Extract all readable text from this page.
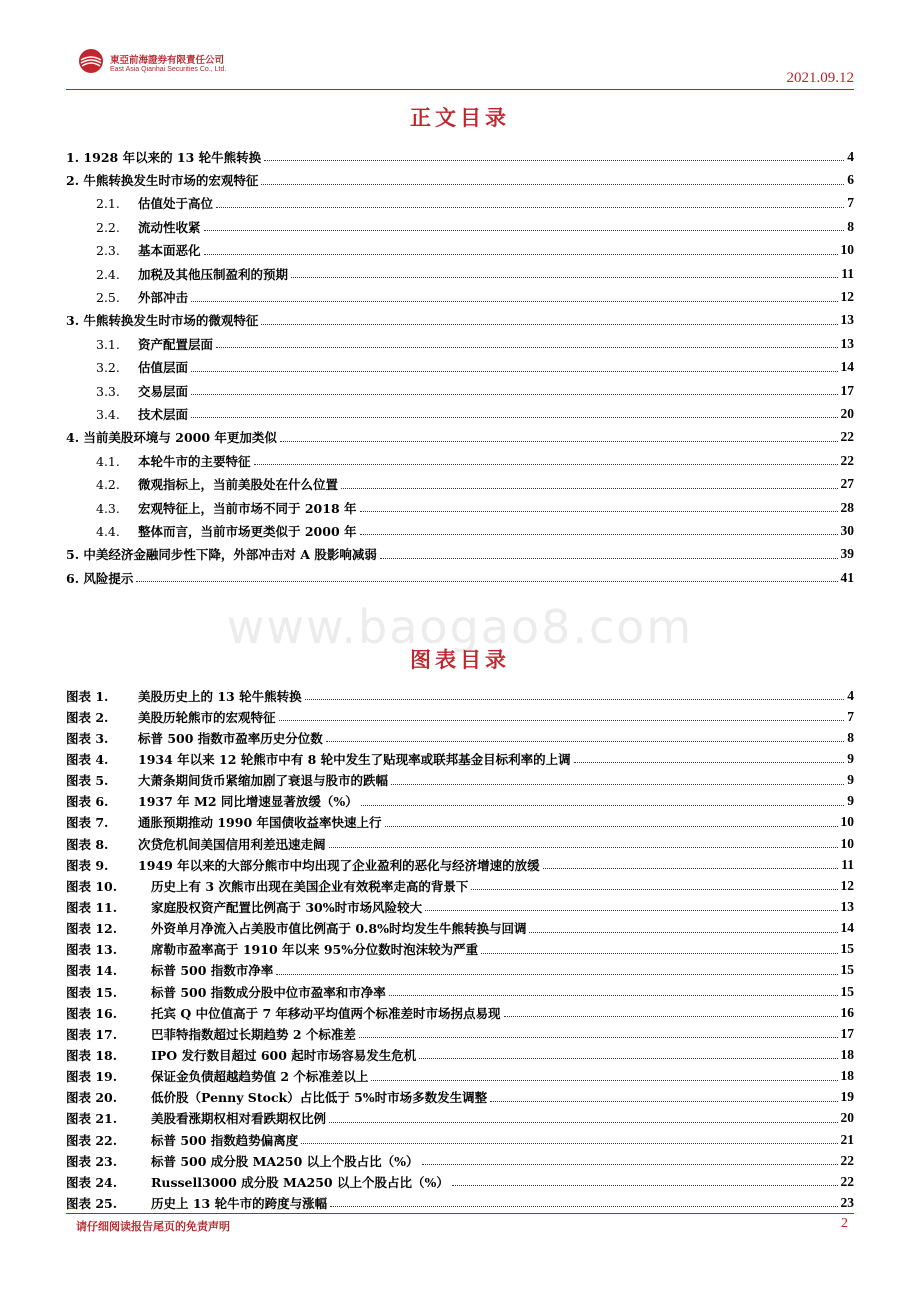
東亞前海證券有限責任公司
East Asia Qianhai Securities Co., Ltd.
2021.09.12
正文目录
1. 1928 年以来的 13 轮牛熊转换	4
2. 牛熊转换发生时市场的宏观特征	6
2.1. 估值处于高位	7
2.2. 流动性收紧	8
2.3. 基本面恶化	10
2.4. 加税及其他压制盈利的预期	11
2.5. 外部冲击	12
3. 牛熊转换发生时市场的微观特征	13
3.1. 资产配置层面	13
3.2. 估值层面	14
3.3. 交易层面	17
3.4. 技术层面	20
4. 当前美股环境与 2000 年更加类似	22
4.1. 本轮牛市的主要特征	22
4.2. 微观指标上，当前美股处在什么位置	27
4.3. 宏观特征上，当前市场不同于 2018 年	28
4.4. 整体而言，当前市场更类似于 2000 年	30
5. 中美经济金融同步性下降，外部冲击对 A 股影响减弱	39
6. 风险提示	41
www.baogao8.com
图表目录
图表 1.	美股历史上的 13 轮牛熊转换	4
图表 2.	美股历轮熊市的宏观特征	7
图表 3.	标普 500 指数市盈率历史分位数	8
图表 4.	1934 年以来 12 轮熊市中有 8 轮中发生了贴现率或联邦基金目标利率的上调	9
图表 5.	大萧条期间货币紧缩加剧了衰退与股市的跌幅	9
图表 6.	1937 年 M2 同比增速显著放缓（%）	9
图表 7.	通胀预期推动 1990 年国债收益率快速上行	10
图表 8.	次贷危机间美国信用利差迅速走阔	10
图表 9.	1949 年以来的大部分熊市中均出现了企业盈利的恶化与经济增速的放缓	11
图表 10.	历史上有 3 次熊市出现在美国企业有效税率走高的背景下	12
图表 11.	家庭股权资产配置比例高于 30%时市场风险较大	13
图表 12.	外资单月净流入占美股市值比例高于 0.8%时均发生牛熊转换与回调	14
图表 13.	席勒市盈率高于 1910 年以来 95%分位数时泡沫较为严重	15
图表 14.	标普 500 指数市净率	15
图表 15.	标普 500 指数成分股中位市盈率和市净率	15
图表 16.	托宾 Q 中位值高于 7 年移动平均值两个标准差时市场拐点易现	16
图表 17.	巴菲特指数超过长期趋势 2 个标准差	17
图表 18.	IPO 发行数目超过 600 起时市场容易发生危机	18
图表 19.	保证金负债超越趋势值 2 个标准差以上	18
图表 20.	低价股（Penny Stock）占比低于 5%时市场多数发生调整	19
图表 21.	美股看涨期权相对看跌期权比例	20
图表 22.	标普 500 指数趋势偏离度	21
图表 23.	标普 500 成分股 MA250 以上个股占比（%）	22
图表 24.	Russell3000 成分股 MA250 以上个股占比（%）	22
图表 25.	历史上 13 轮牛市的跨度与涨幅	23
请仔细阅读报告尾页的免责声明	2
